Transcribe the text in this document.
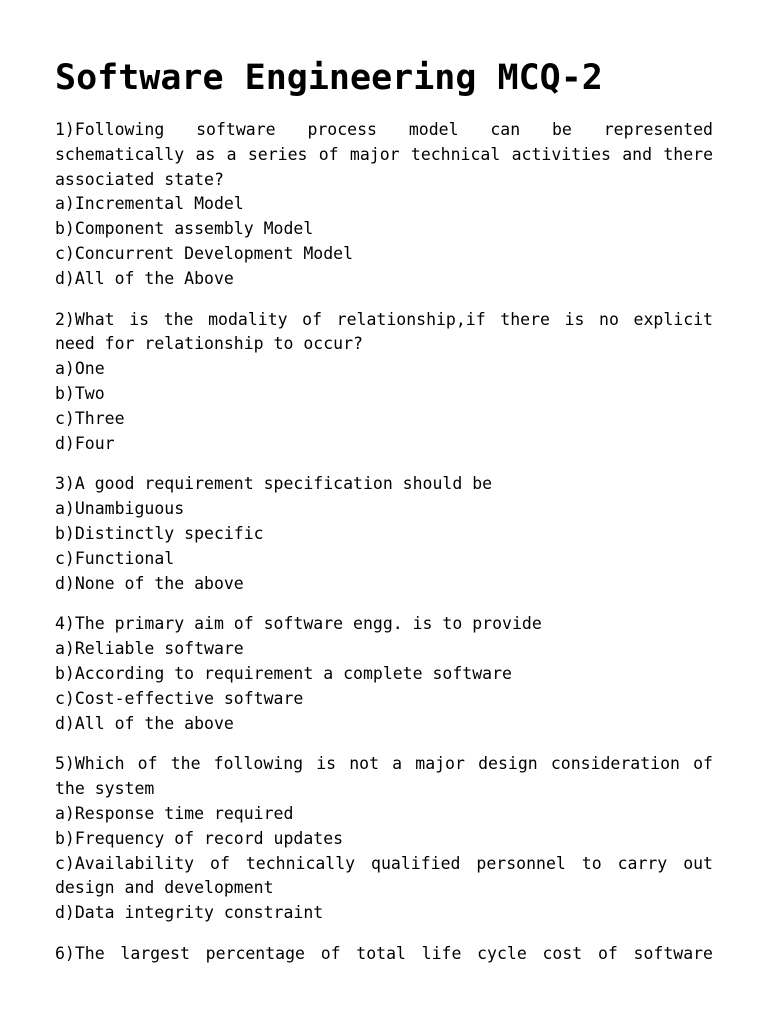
Software Engineering MCQ-2

1)Following software process model can be represented schematically as a series of major technical activities and there associated state?

a)Incremental Model

b)Component assembly Model

c)Concurrent Development Model

d)All of the Above

2)What is the modality of relationship,if there is no explicit need for relationship to occur?

a)One

b)Two

c)Three

d)Four

3)A good requirement specification should be

a)Unambiguous

b)Distinctly specific

c)Functional

d)None of the above

4)The primary aim of software engg. is to provide

a)Reliable software

b)According to requirement a complete software

c)Cost-effective software

d)All of the above

5)Which of the following is not a major design consideration of the system

a)Response time required

b)Frequency of record updates

c)Availability of technically qualified personnel to carry out design and development

d)Data integrity constraint

6)The largest percentage of total life cycle cost of software
